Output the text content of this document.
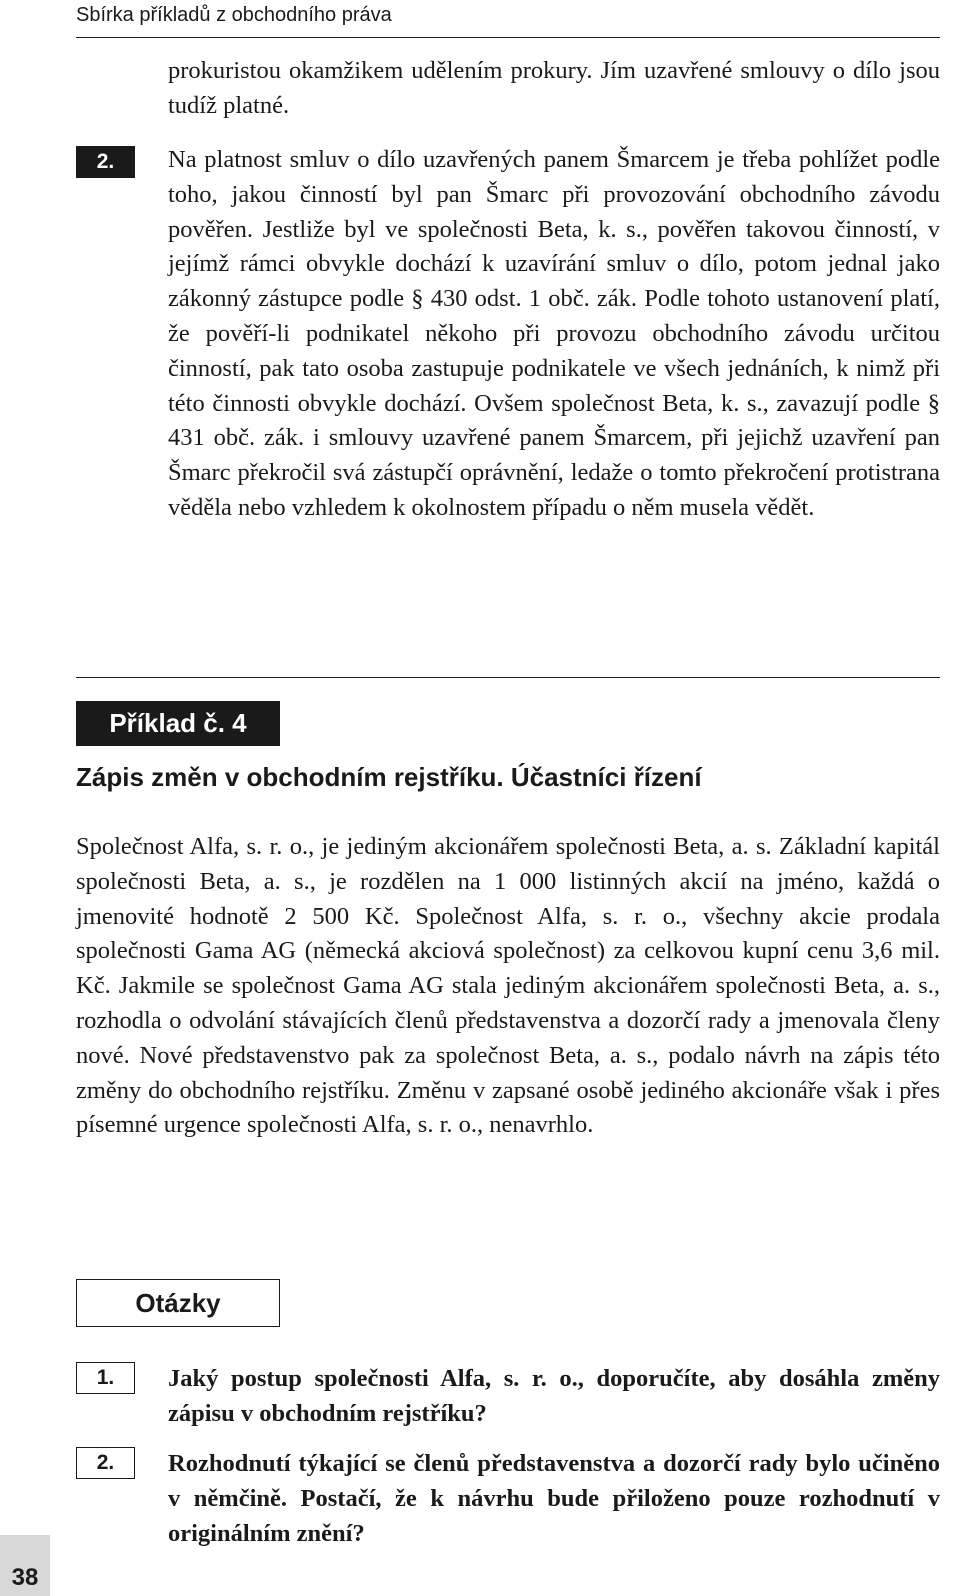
Sbírka příkladů z obchodního práva

prokuristou okamžikem udělením prokury. Jím uzavřené smlouvy o dílo jsou tudíž platné.

2.	Na platnost smluv o dílo uzavřených panem Šmarcem je třeba pohlížet podle toho, jakou činností byl pan Šmarc při provozování obchodního závodu pověřen. Jestliže byl ve společnosti Beta, k. s., pověřen takovou činností, v jejímž rámci obvykle dochází k uzavírání smluv o dílo, potom jednal jako zákonný zástupce podle § 430 odst. 1 obč. zák. Podle tohoto ustanovení platí, že pověří-li podnikatel někoho při provozu obchodního závodu určitou činností, pak tato osoba zastupuje podnikatele ve všech jednáních, k nimž při této činnosti obvykle dochází. Ovšem společnost Beta, k. s., zavazují podle § 431 obč. zák. i smlouvy uzavřené panem Šmarcem, při jejichž uzavření pan Šmarc překročil svá zástupčí oprávnění, ledaže o tomto překročení protistrana věděla nebo vzhledem k okolnostem případu o něm musela vědět.

Příklad č. 4

Zápis změn v obchodním rejstříku. Účastníci řízení

Společnost Alfa, s. r. o., je jediným akcionářem společnosti Beta, a. s. Základní kapitál společnosti Beta, a. s., je rozdělen na 1 000 listinných akcií na jméno, každá o jmenovité hodnotě 2 500 Kč. Společnost Alfa, s. r. o., všechny akcie prodala společnosti Gama AG (německá akciová společnost) za celkovou kupní cenu 3,6 mil. Kč. Jakmile se společnost Gama AG stala jediným akcionářem společnosti Beta, a. s., rozhodla o odvolání stávajících členů představenstva a dozorčí rady a jmenovala členy nové. Nové představenstvo pak za společnost Beta, a. s., podalo návrh na zápis této změny do obchodního rejstříku. Změnu v zapsané osobě jediného akcionáře však i přes písemné urgence společnosti Alfa, s. r. o., nenavrhlo.

Otázky
1.	Jaký postup společnosti Alfa, s. r. o., doporučíte, aby dosáhla změny zápisu v obchodním rejstříku?

2.	Rozhodnutí týkající se členů představenstva a dozorčí rady bylo učiněno v němčině. Postačí, že k návrhu bude přiloženo pouze rozhodnutí v originálním znění?

38
